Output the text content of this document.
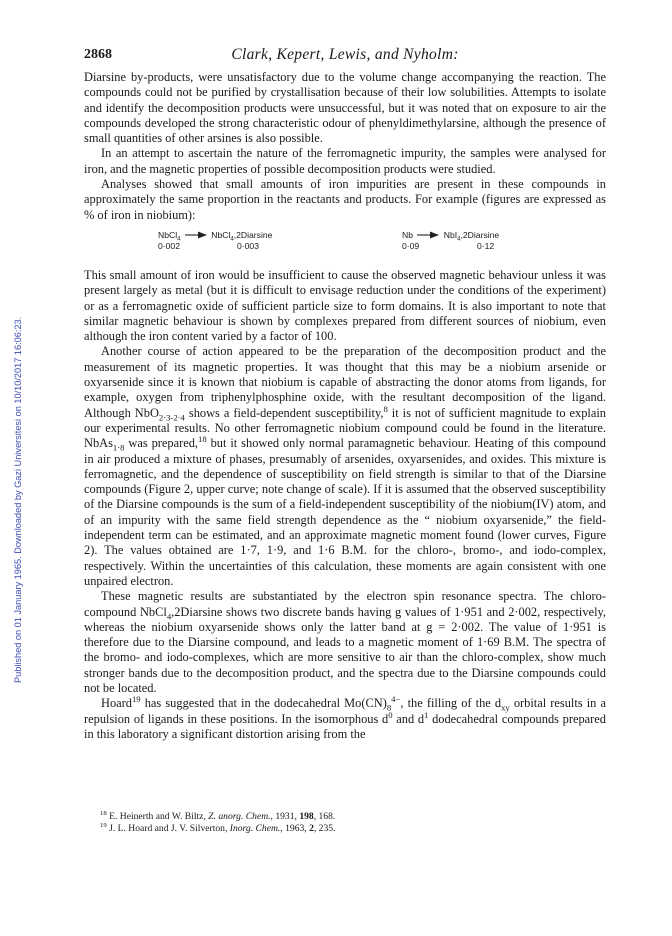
Published on 01 January 1965. Downloaded by Gazi Universitesi on 10/10/2017 16:06:23.
2868	Clark, Kepert, Lewis, and Nyholm:

Diarsine by-products, were unsatisfactory due to the volume change accompanying the reaction. The compounds could not be purified by crystallisation because of their low solubilities. Attempts to isolate and identify the decomposition products were unsuccessful, but it was noted that on exposure to air the compounds developed the strong characteristic odour of phenyldimethylarsine, although the presence of small quantities of other arsines is also possible.

In an attempt to ascertain the nature of the ferromagnetic impurity, the samples were analysed for iron, and the magnetic properties of possible decomposition products were studied.

Analyses showed that small amounts of iron impurities are present in these compounds in approximately the same proportion in the reactants and products. For example (figures are expressed as % of iron in niobium):

NbCl$_4$ → NbCl$_4$,2Diarsine
0·002	0·003
Nb → NbI$_4$,2Diarsine
0·09	0·12

This small amount of iron would be insufficient to cause the observed magnetic behaviour unless it was present largely as metal (but it is difficult to envisage reduction under the conditions of the experiment) or as a ferromagnetic oxide of sufficient particle size to form domains. It is also important to note that similar magnetic behaviour is shown by complexes prepared from different sources of niobium, even although the iron content varied by a factor of 100.

Another course of action appeared to be the preparation of the decomposition product and the measurement of its magnetic properties. It was thought that this may be a niobium arsenide or oxyarsenide since it is known that niobium is capable of abstracting the donor atoms from ligands, for example, oxygen from triphenylphosphine oxide, with the resultant decomposition of the ligand. Although NbO$_{2\cdot 3-2\cdot 4}$ shows a field-dependent susceptibility,$^8$ it is not of sufficient magnitude to explain our experimental results. No other ferromagnetic niobium compound could be found in the literature. NbAs$_{1\cdot 8}$ was prepared,$^{18}$ but it showed only normal paramagnetic behaviour. Heating of this compound in air produced a mixture of phases, presumably of arsenides, oxyarsenides, and oxides. This mixture is ferromagnetic, and the dependence of susceptibility on field strength is similar to that of the Diarsine compounds (Figure 2, upper curve; note change of scale). If it is assumed that the observed susceptibility of the Diarsine compounds is the sum of a field-independent susceptibility of the niobium(IV) atom, and of an impurity with the same field strength dependence as the “ niobium oxyarsenide,” the field-independent term can be estimated, and an approximate magnetic moment found (lower curves, Figure 2). The values obtained are 1·7, 1·9, and 1·6 B.M. for the chloro-, bromo-, and iodo-complex, respectively. Within the uncertainties of this calculation, these moments are again consistent with one unpaired electron.

These magnetic results are substantiated by the electron spin resonance spectra. The chloro-compound NbCl$_4$,2Diarsine shows two discrete bands having g values of 1·951 and 2·002, respectively, whereas the niobium oxyarsenide shows only the latter band at g = 2·002. The value of 1·951 is therefore due to the Diarsine compound, and leads to a magnetic moment of 1·69 B.M. The spectra of the bromo- and iodo-complexes, which are more sensitive to air than the chloro-complex, show much stronger bands due to the decomposition product, and the spectra due to the Diarsine compounds could not be located.

Hoard$^{19}$ has suggested that in the dodecahedral $Mo(CN)_8^{4-}$, the filling of the $d_{xy}$ orbital results in a repulsion of ligands in these positions. In the isomorphous $d^0$ and $d^1$ dodecahedral compounds prepared in this laboratory a significant distortion arising from the

$^{18}$ E. Heinerth and W. Biltz, Z. anorg. Chem., 1931, 198, 168.

$^{19}$ J. L. Hoard and J. V. Silverton, Inorg. Chem., 1963, 2, 235.
